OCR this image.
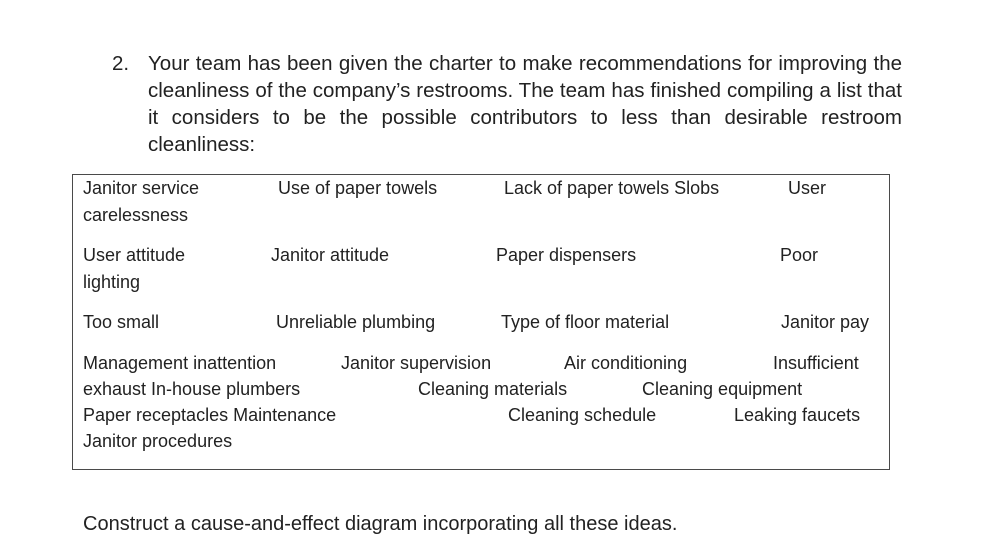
2. Your team has been given the charter to make recommendations for improving the cleanliness of the company’s restrooms. The team has finished compiling a list that it considers to be the possible contributors to less than desirable restroom cleanliness:
Janitor service	Use of paper towels	Lack of paper towels Slobs	User
carelessness
User attitude	Janitor attitude	Paper dispensers	Poor
lighting
Too small	Unreliable plumbing	Type of floor material	Janitor pay
Management inattention	Janitor supervision	Air conditioning	Insufficient
exhaust In-house plumbers	Cleaning materials	Cleaning equipment
Paper receptacles Maintenance	Cleaning schedule	Leaking faucets
Janitor procedures
Construct a cause-and-effect diagram incorporating all these ideas.
